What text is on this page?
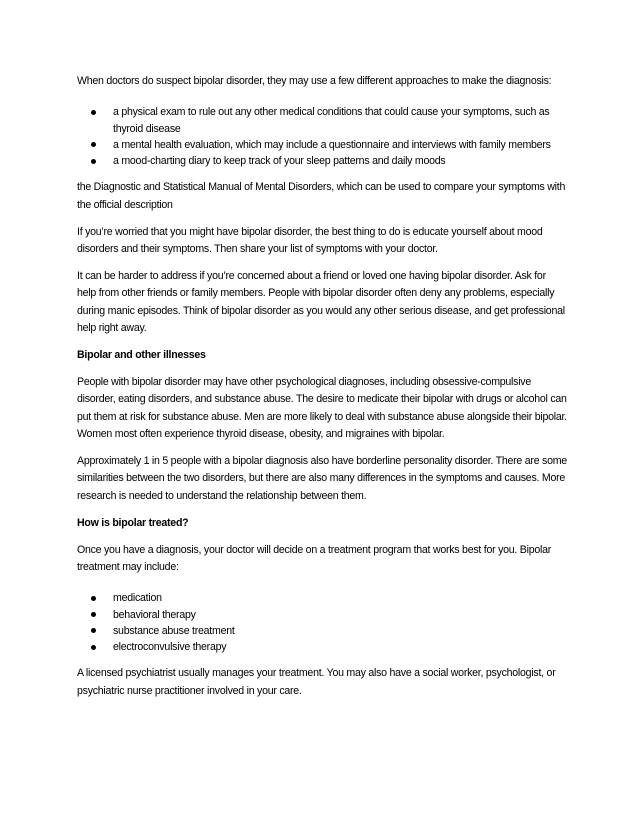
When doctors do suspect bipolar disorder, they may use a few different approaches to make the diagnosis:

a physical exam to rule out any other medical conditions that could cause your symptoms, such as thyroid disease
a mental health evaluation, which may include a questionnaire and interviews with family members
a mood-charting diary to keep track of your sleep patterns and daily moods

the Diagnostic and Statistical Manual of Mental Disorders, which can be used to compare your symptoms with the official description

If you’re worried that you might have bipolar disorder, the best thing to do is educate yourself about mood disorders and their symptoms. Then share your list of symptoms with your doctor.

It can be harder to address if you’re concerned about a friend or loved one having bipolar disorder. Ask for help from other friends or family members. People with bipolar disorder often deny any problems, especially during manic episodes. Think of bipolar disorder as you would any other serious disease, and get professional help right away.

Bipolar and other illnesses

People with bipolar disorder may have other psychological diagnoses, including obsessive-compulsive disorder, eating disorders, and substance abuse. The desire to medicate their bipolar with drugs or alcohol can put them at risk for substance abuse. Men are more likely to deal with substance abuse alongside their bipolar. Women most often experience thyroid disease, obesity, and migraines with bipolar.

Approximately 1 in 5 people with a bipolar diagnosis also have borderline personality disorder. There are some similarities between the two disorders, but there are also many differences in the symptoms and causes. More research is needed to understand the relationship between them.

How is bipolar treated?

Once you have a diagnosis, your doctor will decide on a treatment program that works best for you. Bipolar treatment may include:

medication
behavioral therapy
substance abuse treatment
electroconvulsive therapy

A licensed psychiatrist usually manages your treatment. You may also have a social worker, psychologist, or psychiatric nurse practitioner involved in your care.
